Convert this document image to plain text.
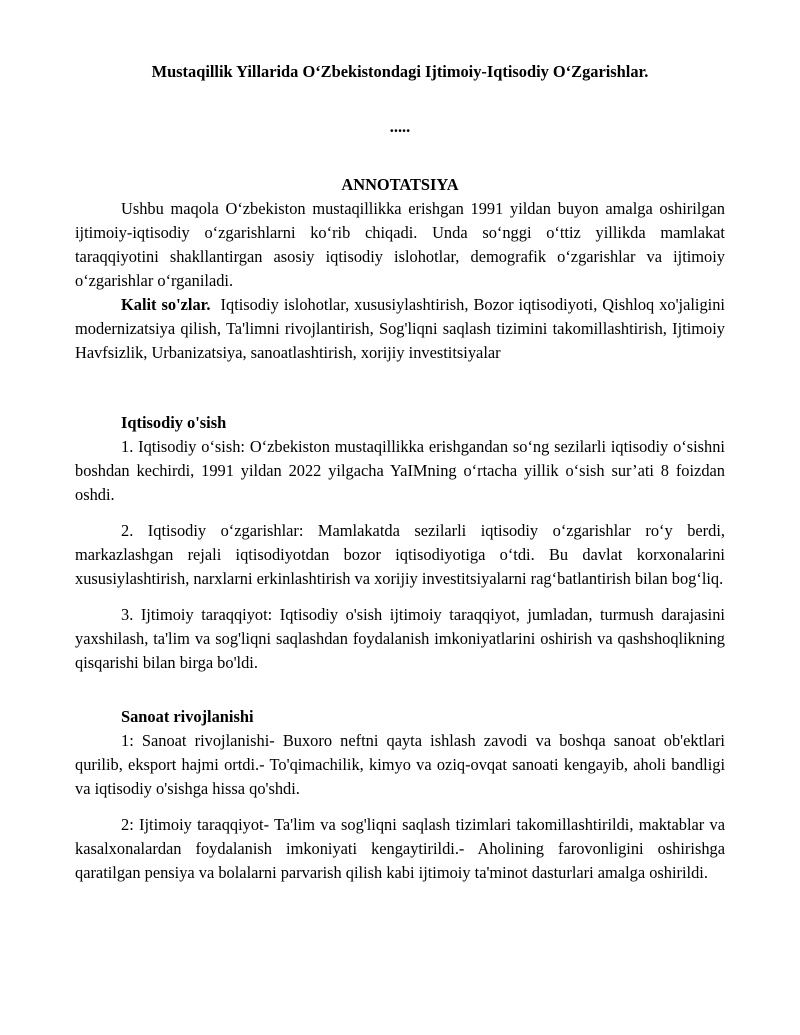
Mustaqillik Yillarida O‘Zbekistondagi Ijtimoiy-Iqtisodiy O‘Zgarishlar.
.....
ANNOTATSIYA

Ushbu maqola O‘zbekiston mustaqillikka erishgan 1991 yildan buyon amalga oshirilgan ijtimoiy-iqtisodiy o‘zgarishlarni ko‘rib chiqadi. Unda so‘nggi o‘ttiz yillikda mamlakat taraqqiyotini shakllantirgan asosiy iqtisodiy islohotlar, demografik o‘zgarishlar va ijtimoiy o‘zgarishlar o‘rganiladi.

Kalit so'zlar. Iqtisodiy islohotlar, xususiylashtirish, Bozor iqtisodiyoti, Qishloq xo'jaligini modernizatsiya qilish, Ta'limni rivojlantirish, Sog'liqni saqlash tizimini takomillashtirish, Ijtimoiy Havfsizlik, Urbanizatsiya, sanoatlashtirish, xorijiy investitsiyalar

Iqtisodiy o'sish

1. Iqtisodiy o‘sish: O‘zbekiston mustaqillikka erishgandan so‘ng sezilarli iqtisodiy o‘sishni boshdan kechirdi, 1991 yildan 2022 yilgacha YaIMning o‘rtacha yillik o‘sish sur’ati 8 foizdan oshdi.

2. Iqtisodiy o‘zgarishlar: Mamlakatda sezilarli iqtisodiy o‘zgarishlar ro‘y berdi, markazlashgan rejali iqtisodiyotdan bozor iqtisodiyotiga o‘tdi. Bu davlat korxonalarini xususiylashtirish, narxlarni erkinlashtirish va xorijiy investitsiyalarni rag‘batlantirish bilan bog‘liq.

3. Ijtimoiy taraqqiyot: Iqtisodiy o'sish ijtimoiy taraqqiyot, jumladan, turmush darajasini yaxshilash, ta'lim va sog'liqni saqlashdan foydalanish imkoniyatlarini oshirish va qashshoqlikning qisqarishi bilan birga bo'ldi.

Sanoat rivojlanishi

1: Sanoat rivojlanishi- Buxoro neftni qayta ishlash zavodi va boshqa sanoat ob'ektlari qurilib, eksport hajmi ortdi.- To'qimachilik, kimyo va oziq-ovqat sanoati kengayib, aholi bandligi va iqtisodiy o'sishga hissa qo'shdi.

2: Ijtimoiy taraqqiyot- Ta'lim va sog'liqni saqlash tizimlari takomillashtirildi, maktablar va kasalxonalardan foydalanish imkoniyati kengaytirildi.- Aholining farovonligini oshirishga qaratilgan pensiya va bolalarni parvarish qilish kabi ijtimoiy ta'minot dasturlari amalga oshirildi.
